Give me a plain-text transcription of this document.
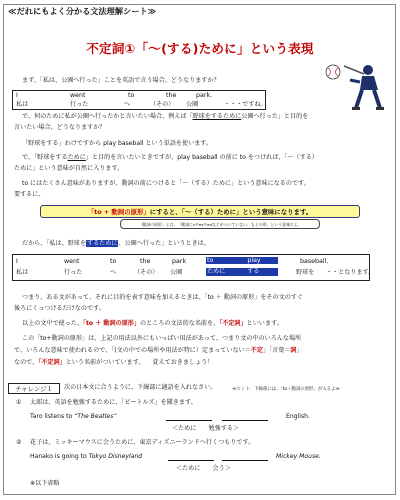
≪だれにもよく分かる文法理解シート≫
不定詞①「～(する)ために」という表現
まず、「私は、公園へ行った」ことを英語で言う場合、どうなりますか？
I	went	to	the	park.
私は	行った	へ	（その） 公園	・・・ですね。
で、何のために私が公園へ行ったかと言いたい場合、例えば「野球をするために公園へ行った」と目的を
言いたい場合、どうなりますか？
「野球をする」わけですから play baseball という単語を使います。
で、「野球をするために」と目的を言いたいときですが、play baseball の前に to をつければ、「～（する）
ために」という意味が自然に入ります。
to にはたくさん意味がありますが、動詞の前につけると「～（する）ために」という意味になるのです。
要するに、
「to + 動詞の原形」にすると、「～（する）ために」という意味になります。
「動詞の原形」とは、「動詞にsやesやedなどがついていない、もとの形」という意味だよ。
だから、「私は、野球をするために、公園へ行った」というときは、
I	went	to	the	park	to	play	baseball.
私は	行った	へ	（その） 公園	ために	する	野球を ・・となります。
つまり、ある文があって、それに目的を表す意味を加えるときは、「to ＋ 動詞の原形」をその文のすぐ
後ろにくっつけるだけなのです。
以上の文中で使った、「to ＋ 動詞の原形」のところの文法的な名前を、「不定詞」といいます。
この「to+動詞の原形」は、上記の用法以外にもいっぱい用法があって、つまり文の中のいろんな場所
で、いろんな意味で使われるので、「(文の中での場所や用法が特に）定まっていない＝不定」「言葉＝詞」
なので、「不定詞」という名前がついています。 覚えておきましょう！
チャレンジ１	次の日本文に合うように、下線部に適語を入れなさい。	≪ヒント：下線部には、「to＋動詞の原形」が入るよ≫
① 太郎は、英語を勉強するために、「ビートルズ」を聞きます。
Taro listens to “The Beatles”	English.
＜ために　　勉強する＞
② 花子は、ミッキーマウスに会うために、東京ディズニーランドへ行くつもりです。
Hanako is going to Tokyo Disneyland	Mickey Mouse.
＜ために　　会う＞
※以下省略
